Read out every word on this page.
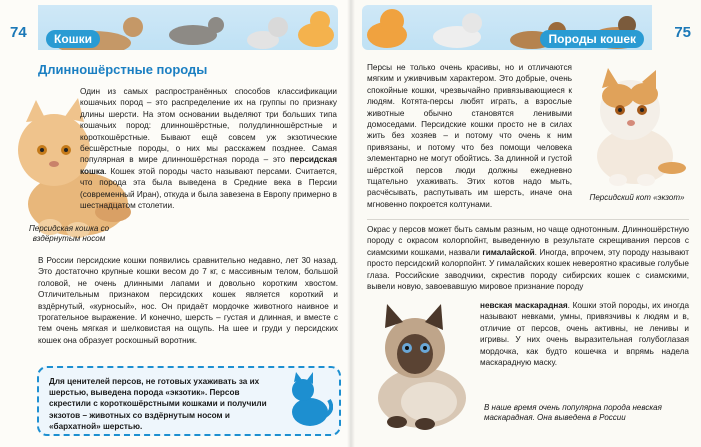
74	Кошки	75
Породы кошек
Длинношёрстные породы
Персидская кошка со вздёрнутым носом
Один из самых распространённых способов классификации кошачьих пород – это распределение их на группы по признаку длины шерсти. На этом основании выделяют три больших типа кошачьих пород: длинношёрстные, полудлинношёрстные и короткошёрстные. Бывают ещё совсем уж экзотические бесшёрстные породы, о них мы расскажем позднее. Самая популярная в мире длинношёрстная порода – это персидская кошка. Кошек этой породы часто называют персами. Считается, что порода эта была выведена в Средние века в Персии (современный Иран), откуда и была завезена в Европу примерно в шестнадцатом столетии.
В России персидские кошки появились сравнительно недавно, лет 30 назад. Это достаточно крупные кошки весом до 7 кг, с массивным телом, большой головой, не очень длинными лапами и довольно коротким хвостом. Отличительным признаком персидских кошек является короткий и вздёрнутый, «курносый», нос. Он придаёт мордочке животного наивное и трогательное выражение. И конечно, шерсть – густая и длинная, и вместе с тем очень мягкая и шелковистая на ощупь. На шее и груди у персидских кошек она образует роскошный воротник.
Для ценителей персов, не готовых ухаживать за их шерстью, выведена порода «экзотик». Персов скрестили с короткошёрстными кошками и получили экзотов – животных со вздёрнутым носом и «бархатной» шерстью.
Персы не только очень красивы, но и отличаются мягким и уживчивым характером. Это добрые, очень спокойные кошки, чрезвычайно привязывающиеся к людям. Котята-персы любят играть, а взрослые животные обычно становятся ленивыми домоседами. Персидские кошки просто не в силах жить без хозяев – и потому что очень к ним привязаны, и потому что без помощи человека элементарно не могут обойтись. За длинной и густой шёрсткой персов люди должны ежедневно тщательно ухаживать. Этих котов надо мыть, расчёсывать, распутывать им шерсть, иначе она мгновенно покроется колтунами.
Персидский кот «экзот»
Окрас у персов может быть самым разным, но чаще однотонным. Длинношёрстную породу с окрасом колорпойнт, выведенную в результате скрещивания персов с сиамскими кошками, назвали гималайской. Иногда, впрочем, эту породу называют просто персидский колорпойнт. У гималайских кошек невероятно красивые голубые глаза. Российские заводчики, скрестив породу сибирских кошек с сиамскими, вывели новую, завоевавшую мировое признание породу
невская маскарадная. Кошки этой породы, их иногда называют невками, умны, привязчивы к людям и в, отличие от персов, очень активны, не ленивы и игривы. У них очень выразительная голубоглазая мордочка, как будто кошечка и впрямь надела маскарадную маску.
В наше время очень популярна порода невская маскарадная. Она выведена в России
